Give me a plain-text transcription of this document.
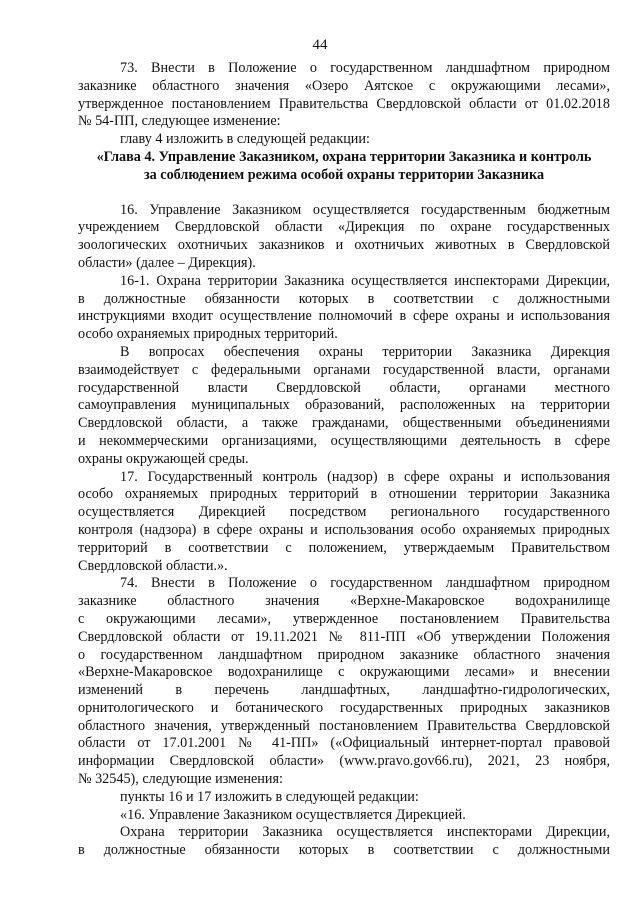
44
73. Внести в Положение о государственном ландшафтном природном
заказнике областного значения «Озеро Аятское с окружающими лесами»,
утвержденное постановлением Правительства Свердловской области от 01.02.2018
№ 54-ПП, следующее изменение:
главу 4 изложить в следующей редакции:
«Глава 4. Управление Заказником, охрана территории Заказника и контроль
за соблюдением режима особой охраны территории Заказника
16. Управление Заказником осуществляется государственным бюджетным
учреждением Свердловской области «Дирекция по охране государственных
зоологических охотничьих заказников и охотничьих животных в Свердловской
области» (далее – Дирекция).
16-1. Охрана территории Заказника осуществляется инспекторами Дирекции,
в должностные обязанности которых в соответствии с должностными
инструкциями входит осуществление полномочий в сфере охраны и использования
особо охраняемых природных территорий.
В вопросах обеспечения охраны территории Заказника Дирекция
взаимодействует с федеральными органами государственной власти, органами
государственной власти Свердловской области, органами местного
самоуправления муниципальных образований, расположенных на территории
Свердловской области, а также гражданами, общественными объединениями
и некоммерческими организациями, осуществляющими деятельность в сфере
охраны окружающей среды.
17. Государственный контроль (надзор) в сфере охраны и использования
особо охраняемых природных территорий в отношении территории Заказника
осуществляется Дирекцией посредством регионального государственного
контроля (надзора) в сфере охраны и использования особо охраняемых природных
территорий в соответствии с положением, утверждаемым Правительством
Свердловской области.».
74. Внести в Положение о государственном ландшафтном природном
заказнике областного значения «Верхне-Макаровское водохранилище
с окружающими лесами», утвержденное постановлением Правительства
Свердловской области от 19.11.2021 № 811-ПП «Об утверждении Положения
о государственном ландшафтном природном заказнике областного значения
«Верхне-Макаровское водохранилище с окружающими лесами» и внесении
изменений в перечень ландшафтных, ландшафтно-гидрологических,
орнитологического и ботанического государственных природных заказников
областного значения, утвержденный постановлением Правительства Свердловской
области от 17.01.2001 № 41-ПП» («Официальный интернет-портал правовой
информации Свердловской области» (www.pravo.gov66.ru), 2021, 23 ноября,
№ 32545), следующие изменения:
пункты 16 и 17 изложить в следующей редакции:
«16. Управление Заказником осуществляется Дирекцией.
Охрана территории Заказника осуществляется инспекторами Дирекции,
в должностные обязанности которых в соответствии с должностными
